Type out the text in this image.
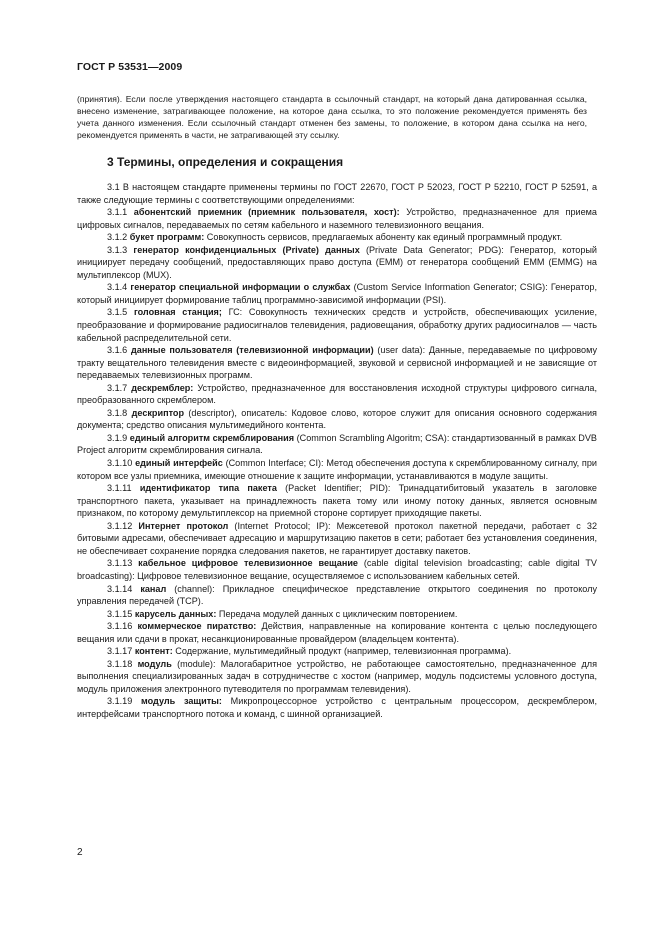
ГОСТ Р 53531—2009
(принятия). Если после утверждения настоящего стандарта в ссылочный стандарт, на который дана датированная ссылка, внесено изменение, затрагивающее положение, на которое дана ссылка, то это положение рекомендуется применять без учета данного изменения. Если ссылочный стандарт отменен без замены, то положение, в котором дана ссылка на него, рекомендуется применять в части, не затрагивающей эту ссылку.
3 Термины, определения и сокращения

3.1 В настоящем стандарте применены термины по ГОСТ 22670, ГОСТ Р 52023, ГОСТ Р 52210, ГОСТ Р 52591, а также следующие термины с соответствующими определениями:

3.1.1 абонентский приемник (приемник пользователя, хост): Устройство, предназначенное для приема цифровых сигналов, передаваемых по сетям кабельного и наземного телевизионного вещания.

3.1.2 букет программ: Совокупность сервисов, предлагаемых абоненту как единый программный продукт.

3.1.3 генератор конфиденциальных (Private) данных (Private Data Generator; PDG): Генератор, который инициирует передачу сообщений, предоставляющих право доступа (EMM) от генератора сообщений EMM (EMMG) на мультиплексор (MUX).

3.1.4 генератор специальной информации о службах (Custom Service Information Generator; CSIG): Генератор, который инициирует формирование таблиц программно-зависимой информации (PSI).

3.1.5 головная станция; ГС: Совокупность технических средств и устройств, обеспечивающих усиление, преобразование и формирование радиосигналов телевидения, радиовещания, обработку других радиосигналов — часть кабельной распределительной сети.

3.1.6 данные пользователя (телевизионной информации) (user data): Данные, передаваемые по цифровому тракту вещательного телевидения вместе с видеоинформацией, звуковой и сервисной информацией и не зависящие от передаваемых телевизионных программ.

3.1.7 дескремблер: Устройство, предназначенное для восстановления исходной структуры цифрового сигнала, преобразованного скремблером.

3.1.8 дескриптор (descriptor), описатель: Кодовое слово, которое служит для описания основного содержания документа; средство описания мультимедийного контента.

3.1.9 единый алгоритм скремблирования (Common Scrambling Algoritm; CSA): стандартизованный в рамках DVB Project алгоритм скремблирования сигнала.

3.1.10 единый интерфейс (Common Interface; CI): Метод обеспечения доступа к скремблированному сигналу, при котором все узлы приемника, имеющие отношение к защите информации, устанавливаются в модуле защиты.

3.1.11 идентификатор типа пакета (Packet Identifier; PID): Тринадцатибитовый указатель в заголовке транспортного пакета, указывает на принадлежность пакета тому или иному потоку данных, является основным признаком, по которому демультиплексор на приемной стороне сортирует приходящие пакеты.

3.1.12 Интернет протокол (Internet Protocol; IP): Межсетевой протокол пакетной передачи, работает с 32 битовыми адресами, обеспечивает адресацию и маршрутизацию пакетов в сети; работает без установления соединения, не обеспечивает сохранение порядка следования пакетов, не гарантирует доставку пакетов.

3.1.13 кабельное цифровое телевизионное вещание (cable digital television broadcasting; cable digital TV broadcasting): Цифровое телевизионное вещание, осуществляемое с использованием кабельных сетей.

3.1.14 канал (channel): Прикладное специфическое представление открытого соединения по протоколу управления передачей (TCP).

3.1.15 карусель данных: Передача модулей данных с циклическим повторением.

3.1.16 коммерческое пиратство: Действия, направленные на копирование контента с целью последующего вещания или сдачи в прокат, несанкционированные провайдером (владельцем контента).

3.1.17 контент: Содержание, мультимедийный продукт (например, телевизионная программа).

3.1.18 модуль (module): Малогабаритное устройство, не работающее самостоятельно, предназначенное для выполнения специализированных задач в сотрудничестве с хостом (например, модуль подсистемы условного доступа, модуль приложения электронного путеводителя по программам телевидения).

3.1.19 модуль защиты: Микропроцессорное устройство с центральным процессором, дескремблером, интерфейсами транспортного потока и команд, с шинной организацией.

2
